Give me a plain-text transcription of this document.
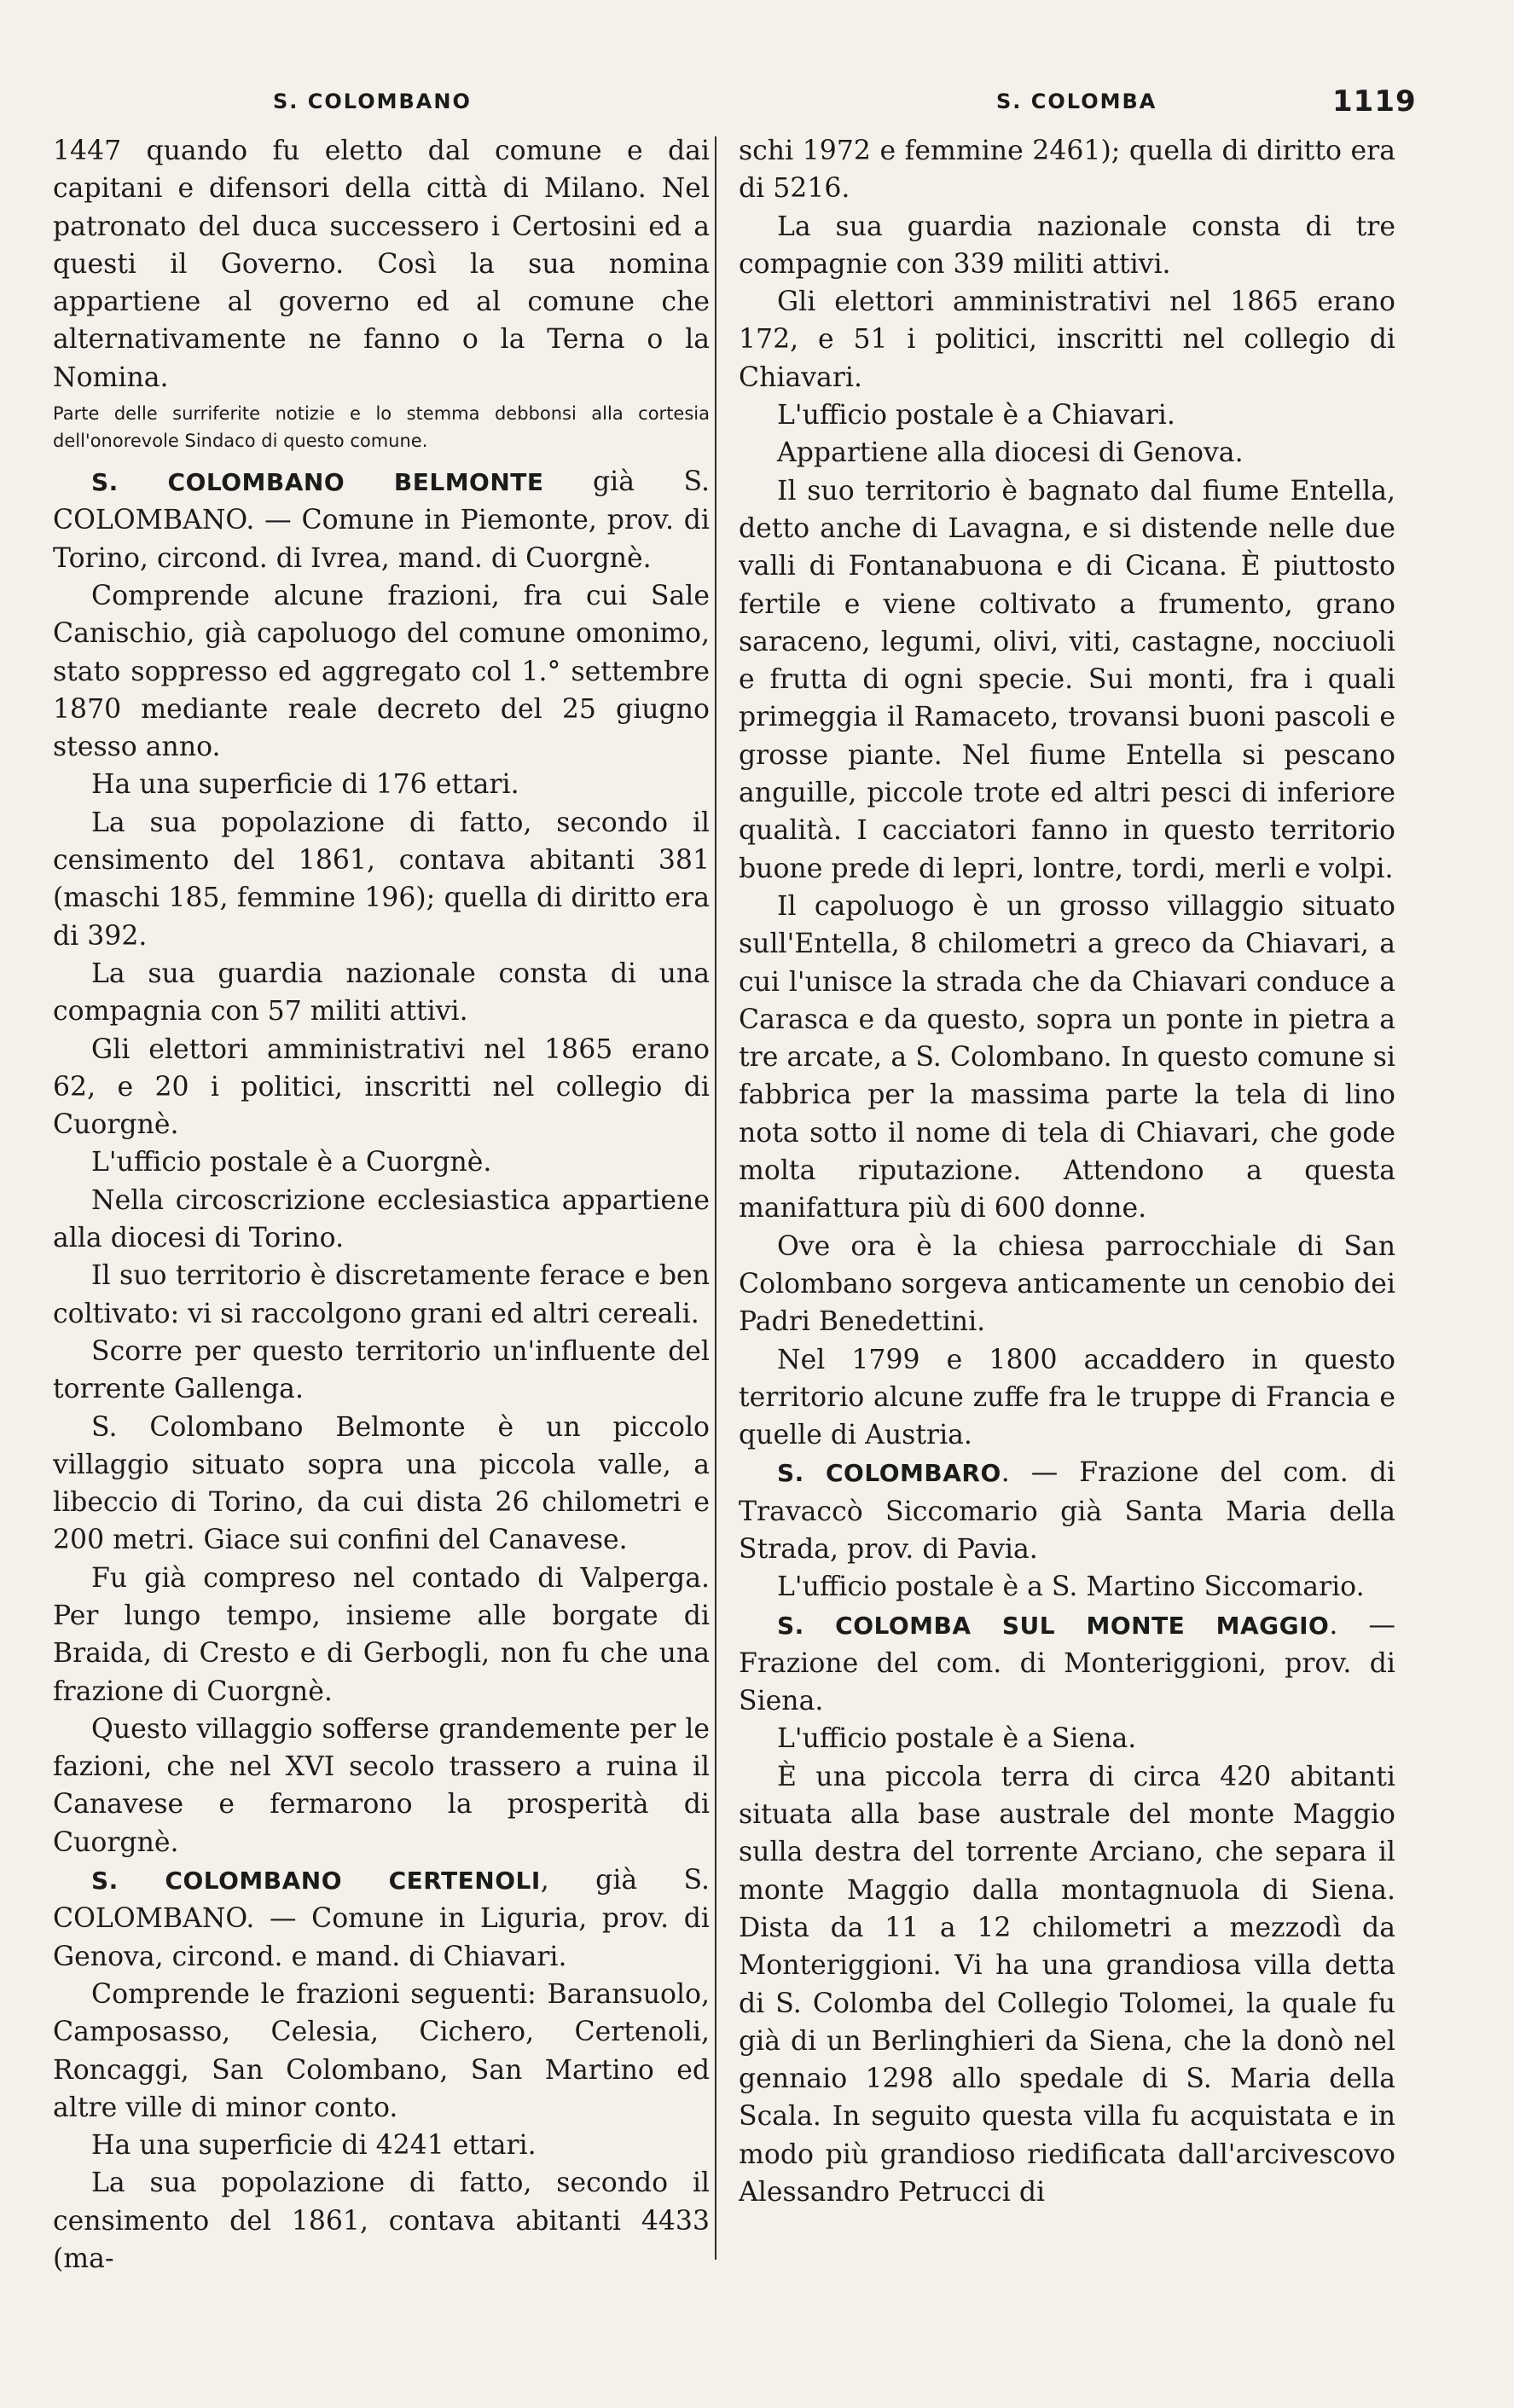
S. COLOMBANO	S. COLOMBA	1119

1447 quando fu eletto dal comune e dai capitani e difensori della città di Milano. Nel patronato del duca successero i Certosini ed a questi il Governo. Così la sua nomina appartiene al governo ed al comune che alternativamente ne fanno o la Terna o la Nomina.

Parte delle surriferite notizie e lo stemma debbonsi alla cortesia dell'onorevole Sindaco di questo comune.

S. COLOMBANO BELMONTE già S. COLOMBANO. — Comune in Piemonte, prov. di Torino, circond. di Ivrea, mand. di Cuorgnè.

Comprende alcune frazioni, fra cui Sale Canischio, già capoluogo del comune omonimo, stato soppresso ed aggregato col 1.° settembre 1870 mediante reale decreto del 25 giugno stesso anno.

Ha una superficie di 176 ettari.

La sua popolazione di fatto, secondo il censimento del 1861, contava abitanti 381 (maschi 185, femmine 196); quella di diritto era di 392.

La sua guardia nazionale consta di una compagnia con 57 militi attivi.

Gli elettori amministrativi nel 1865 erano 62, e 20 i politici, inscritti nel collegio di Cuorgnè.

L'ufficio postale è a Cuorgnè.

Nella circoscrizione ecclesiastica appartiene alla diocesi di Torino.

Il suo territorio è discretamente ferace e ben coltivato: vi si raccolgono grani ed altri cereali.

Scorre per questo territorio un'influente del torrente Gallenga.

S. Colombano Belmonte è un piccolo villaggio situato sopra una piccola valle, a libeccio di Torino, da cui dista 26 chilometri e 200 metri. Giace sui confini del Canavese.

Fu già compreso nel contado di Valperga. Per lungo tempo, insieme alle borgate di Braida, di Cresto e di Gerbogli, non fu che una frazione di Cuorgnè.

Questo villaggio sofferse grandemente per le fazioni, che nel XVI secolo trassero a ruina il Canavese e fermarono la prosperità di Cuorgnè.

S. COLOMBANO CERTENOLI, già S. COLOMBANO. — Comune in Liguria, prov. di Genova, circond. e mand. di Chiavari.

Comprende le frazioni seguenti: Baransuolo, Camposasso, Celesia, Cichero, Certenoli, Roncaggi, San Colombano, San Martino ed altre ville di minor conto.

Ha una superficie di 4241 ettari.

La sua popolazione di fatto, secondo il censimento del 1861, contava abitanti 4433 (ma-

schi 1972 e femmine 2461); quella di diritto era di 5216.

La sua guardia nazionale consta di tre compagnie con 339 militi attivi.

Gli elettori amministrativi nel 1865 erano 172, e 51 i politici, inscritti nel collegio di Chiavari.

L'ufficio postale è a Chiavari.

Appartiene alla diocesi di Genova.

Il suo territorio è bagnato dal fiume Entella, detto anche di Lavagna, e si distende nelle due valli di Fontanabuona e di Cicana. È piuttosto fertile e viene coltivato a frumento, grano saraceno, legumi, olivi, viti, castagne, nocciuoli e frutta di ogni specie. Sui monti, fra i quali primeggia il Ramaceto, trovansi buoni pascoli e grosse piante. Nel fiume Entella si pescano anguille, piccole trote ed altri pesci di inferiore qualità. I cacciatori fanno in questo territorio buone prede di lepri, lontre, tordi, merli e volpi.

Il capoluogo è un grosso villaggio situato sull'Entella, 8 chilometri a greco da Chiavari, a cui l'unisce la strada che da Chiavari conduce a Carasca e da questo, sopra un ponte in pietra a tre arcate, a S. Colombano. In questo comune si fabbrica per la massima parte la tela di lino nota sotto il nome di tela di Chiavari, che gode molta riputazione. Attendono a questa manifattura più di 600 donne.

Ove ora è la chiesa parrocchiale di San Colombano sorgeva anticamente un cenobio dei Padri Benedettini.

Nel 1799 e 1800 accaddero in questo territorio alcune zuffe fra le truppe di Francia e quelle di Austria.

S. COLOMBARO. — Frazione del com. di Travaccò Siccomario già Santa Maria della Strada, prov. di Pavia.

L'ufficio postale è a S. Martino Siccomario.

S. COLOMBA SUL MONTE MAGGIO. — Frazione del com. di Monteriggioni, prov. di Siena.

L'ufficio postale è a Siena.

È una piccola terra di circa 420 abitanti situata alla base australe del monte Maggio sulla destra del torrente Arciano, che separa il monte Maggio dalla montagnuola di Siena. Dista da 11 a 12 chilometri a mezzodì da Monteriggioni. Vi ha una grandiosa villa detta di S. Colomba del Collegio Tolomei, la quale fu già di un Berlinghieri da Siena, che la donò nel gennaio 1298 allo spedale di S. Maria della Scala. In seguito questa villa fu acquistata e in modo più grandioso riedificata dall'arcivescovo Alessandro Petrucci di
